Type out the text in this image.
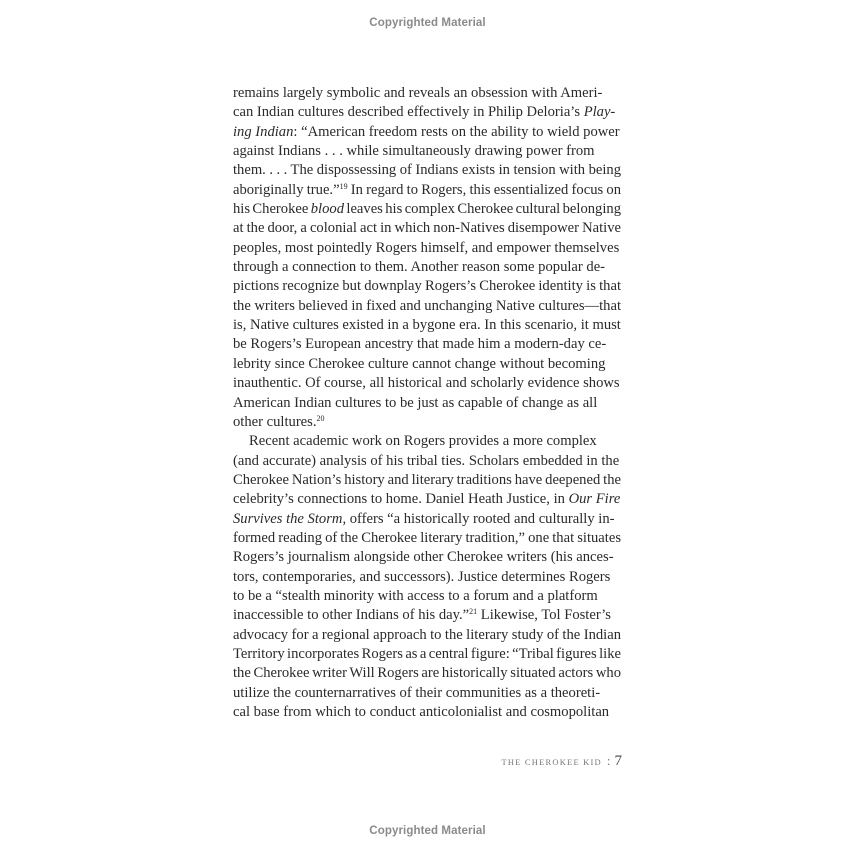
Copyrighted Material
remains largely symbolic and reveals an obsession with Ameri-
can Indian cultures described effectively in Philip Deloria’s Play-
ing Indian: “American freedom rests on the ability to wield power
against Indians . . . while simultaneously drawing power from
them. . . . The dispossessing of Indians exists in tension with being
aboriginally true.”$^{19}$ In regard to Rogers, this essentialized focus on
his Cherokee blood leaves his complex Cherokee cultural belonging
at the door, a colonial act in which non-Natives disempower Native
peoples, most pointedly Rogers himself, and empower themselves
through a connection to them. Another reason some popular de-
pictions recognize but downplay Rogers’s Cherokee identity is that
the writers believed in fixed and unchanging Native cultures—that
is, Native cultures existed in a bygone era. In this scenario, it must
be Rogers’s European ancestry that made him a modern-day ce-
lebrity since Cherokee culture cannot change without becoming
inauthentic. Of course, all historical and scholarly evidence shows
American Indian cultures to be just as capable of change as all
other cultures.$^{20}$
Recent academic work on Rogers provides a more complex
(and accurate) analysis of his tribal ties. Scholars embedded in the
Cherokee Nation’s history and literary traditions have deepened the
celebrity’s connections to home. Daniel Heath Justice, in Our Fire
Survives the Storm, offers “a historically rooted and culturally in-
formed reading of the Cherokee literary tradition,” one that situates
Rogers’s journalism alongside other Cherokee writers (his ances-
tors, contemporaries, and successors). Justice determines Rogers
to be a “stealth minority with access to a forum and a platform
inaccessible to other Indians of his day.”$^{21}$ Likewise, Tol Foster’s
advocacy for a regional approach to the literary study of the Indian
Territory incorporates Rogers as a central figure: “Tribal figures like
the Cherokee writer Will Rogers are historically situated actors who
utilize the counternarratives of their communities as a theoreti-
cal base from which to conduct anticolonialist and cosmopolitan
THE CHEROKEE KID : 7
Copyrighted Material
